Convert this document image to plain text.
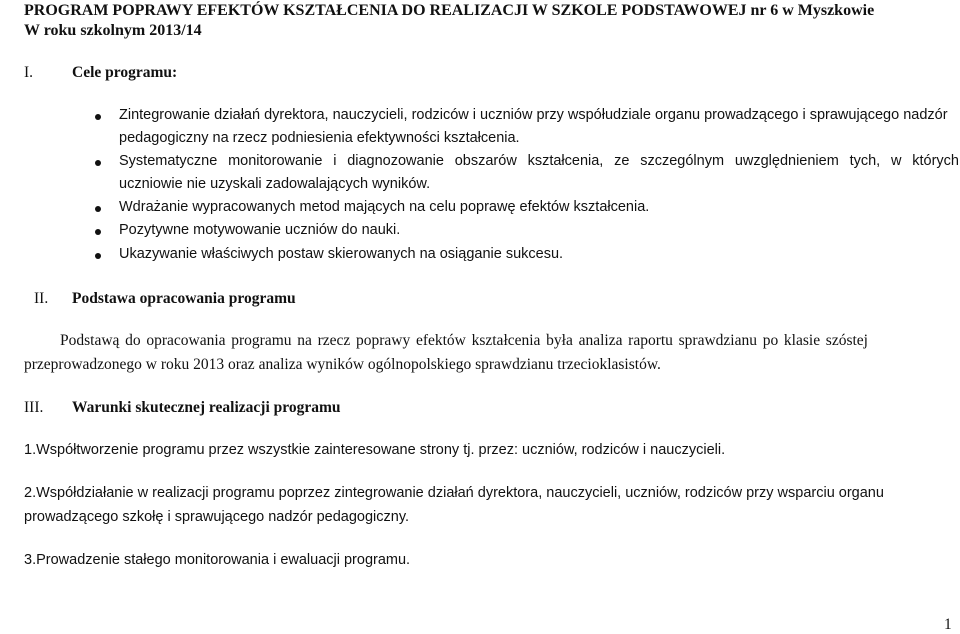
PROGRAM POPRAWY EFEKTÓW KSZTAŁCENIA DO REALIZACJI W SZKOLE PODSTAWOWEJ nr 6 w Myszkowie
W roku szkolnym 2013/14
I.	Cele programu:
Zintegrowanie działań dyrektora, nauczycieli, rodziców i uczniów przy współudziale organu prowadzącego i sprawującego nadzór
pedagogiczny na rzecz podniesienia efektywności kształcenia.
Systematyczne monitorowanie i diagnozowanie obszarów kształcenia, ze szczególnym uwzględnieniem tych, w których
uczniowie nie uzyskali zadowalających wyników.
Wdrażanie wypracowanych metod mających na celu poprawę efektów kształcenia.
Pozytywne motywowanie uczniów do nauki.
Ukazywanie właściwych postaw skierowanych na osiąganie sukcesu.
II. Podstawa opracowania programu
Podstawą do opracowania programu na rzecz poprawy efektów kształcenia była analiza raportu sprawdzianu po klasie szóstej
przeprowadzonego w roku 2013 oraz analiza wyników ogólnopolskiego sprawdzianu trzecioklasistów.
III. Warunki skutecznej realizacji programu
1.Współtworzenie programu przez wszystkie zainteresowane strony tj. przez: uczniów, rodziców i nauczycieli.
2.Współdziałanie w realizacji programu poprzez zintegrowanie działań dyrektora, nauczycieli, uczniów, rodziców przy wsparciu organu
prowadzącego szkołę i sprawującego nadzór pedagogiczny.
3.Prowadzenie stałego monitorowania i ewaluacji programu.
1
